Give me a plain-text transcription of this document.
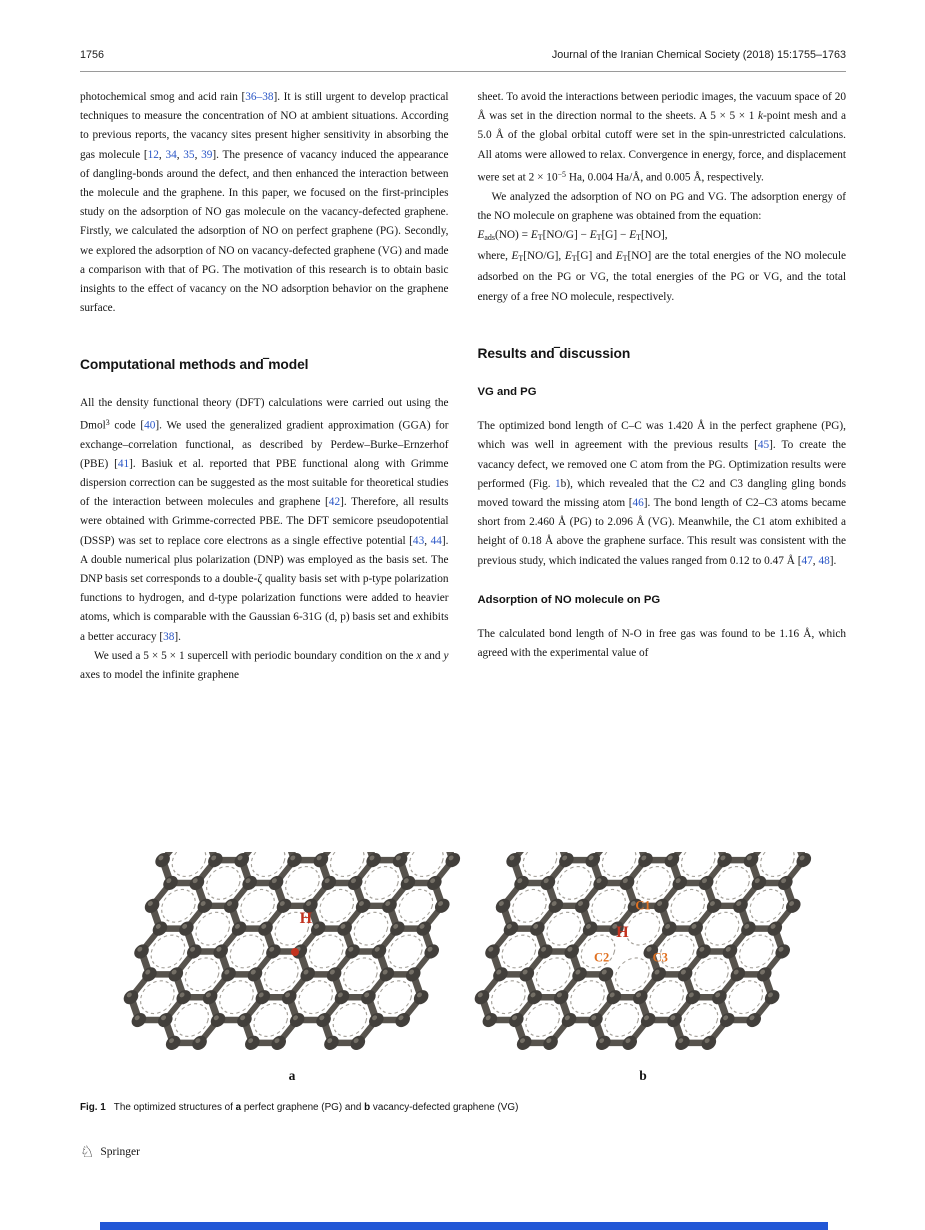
1756	Journal of the Iranian Chemical Society (2018) 15:1755–1763

photochemical smog and acid rain [36–38]. It is still urgent to develop practical techniques to measure the concentration of NO at ambient situations. According to previous reports, the vacancy sites present higher sensitivity in absorbing the gas molecule [12, 34, 35, 39]. The presence of vacancy induced the appearance of dangling-bonds around the defect, and then enhanced the interaction between the molecule and the graphene. In this paper, we focused on the first-principles study on the adsorption of NO gas molecule on the vacancy-defected graphene. Firstly, we calculated the adsorption of NO on perfect graphene (PG). Secondly, we explored the adsorption of NO on vacancy-defected graphene (VG) and made a comparison with that of PG. The motivation of this research is to obtain basic insights to the effect of vacancy on the NO adsorption behavior on the graphene surface.

Computational methods and‾model

All the density functional theory (DFT) calculations were carried out using the Dmol$^3$ code [40]. We used the generalized gradient approximation (GGA) for exchange–correlation functional, as described by Perdew–Burke–Ernzerhof (PBE) [41]. Basiuk et al. reported that PBE functional along with Grimme dispersion correction can be suggested as the most suitable for theoretical studies of the interaction between molecules and graphene [42]. Therefore, all results were obtained with Grimme-corrected PBE. The DFT semicore pseudopotential (DSSP) was set to replace core electrons as a single effective potential [43, 44]. A double numerical plus polarization (DNP) was employed as the basis set. The DNP basis set corresponds to a double-ζ quality basis set with p-type polarization functions to hydrogen, and d-type polarization functions were added to heavier atoms, which is comparable with the Gaussian 6-31G (d, p) basis set and exhibits a better accuracy [38].

We used a 5 × 5 × 1 supercell with periodic boundary condition on the x and y axes to model the infinite graphene

sheet. To avoid the interactions between periodic images, the vacuum space of 20 Å was set in the direction normal to the sheets. A 5 × 5 × 1 k-point mesh and a 5.0 Å of the global orbital cutoff were set in the spin-unrestricted calculations. All atoms were allowed to relax. Convergence in energy, force, and displacement were set at $2 \times 10^{-5}$ Ha, 0.004 Ha/Å, and 0.005 Å, respectively.

We analyzed the adsorption of NO on PG and VG. The adsorption energy of the NO molecule on graphene was obtained from the equation:

$E_{ads}(NO) = E_T[NO/G] - E_T[G] - E_T[NO]$,

where, $E_T[NO/G]$, $E_T[G]$ and $E_T[NO]$ are the total energies of the NO molecule adsorbed on the PG or VG, the total energies of the PG or VG, and the total energy of a free NO molecule, respectively.

Results and‾discussion
VG and PG

The optimized bond length of C–C was 1.420 Å in the perfect graphene (PG), which was well in agreement with the previous results [45]. To create the vacancy defect, we removed one C atom from the PG. Optimization results were performed (Fig. 1b), which revealed that the C2 and C3 dangling gling bonds moved toward the missing atom [46]. The bond length of C2–C3 atoms became short from 2.460 Å (PG) to 2.096 Å (VG). Meanwhile, the C1 atom exhibited a height of 0.18 Å above the graphene surface. This result was consistent with the previous study, which indicated the values ranged from 0.12 to 0.47 Å [47, 48].

Adsorption of NO molecule on PG

The calculated bond length of N-O in free gas was found to be 1.16 Å, which agreed with the experimental value of

a
H
b
C1
H
C2	C3
Fig. 1 The optimized structures of a perfect graphene (PG) and b vacancy-defected graphene (VG)
♘ Springer
